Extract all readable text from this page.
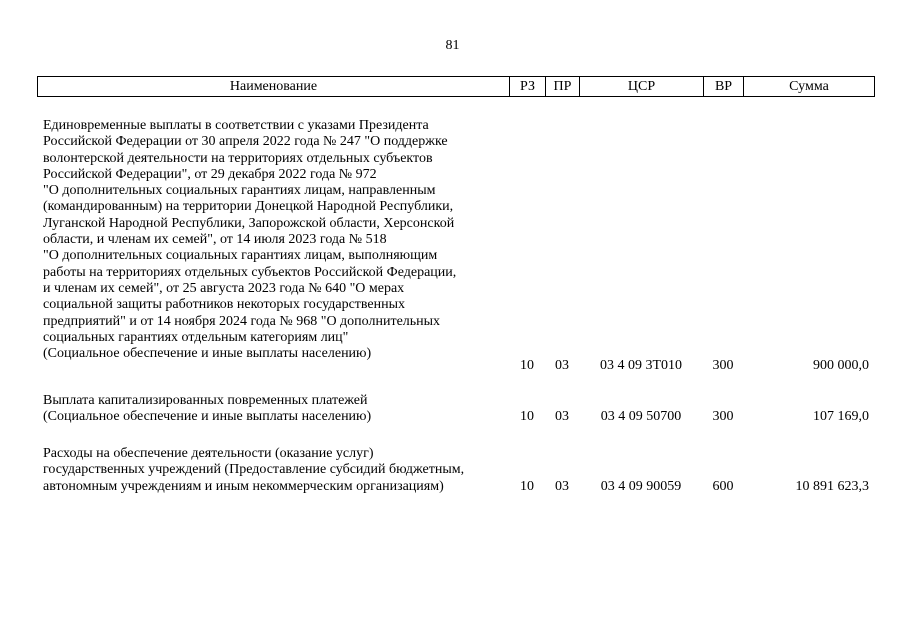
81
Наименование	РЗ	ПР	ЦСР	ВР	Сумма
Единовременные выплаты в соответствии с указами Президента
Российской Федерации от 30 апреля 2022 года № 247 "О поддержке
волонтерской деятельности на территориях отдельных субъектов
Российской Федерации", от 29 декабря 2022 года № 972
"О дополнительных социальных гарантиях лицам, направленным
(командированным) на территории Донецкой Народной Республики,
Луганской Народной Республики, Запорожской области, Херсонской
области, и членам их семей", от 14 июля 2023 года № 518
"О дополнительных социальных гарантиях лицам, выполняющим
работы на территориях отдельных субъектов Российской Федерации,
и членам их семей", от 25 августа 2023 года № 640 "О мерах
социальной защиты работников некоторых государственных
предприятий" и от 14 ноября 2024 года № 968 "О дополнительных
социальных гарантиях отдельным категориям лиц"
(Социальное обеспечение и иные выплаты населению)
10	03	03 4 09 3Т010	300	900 000,0
Выплата капитализированных повременных платежей
(Социальное обеспечение и иные выплаты населению)	10	03	03 4 09 50700	300	107 169,0
Расходы на обеспечение деятельности (оказание услуг)
государственных учреждений (Предоставление субсидий бюджетным,
автономным учреждениям и иным некоммерческим организациям)	10	03	03 4 09 90059	600	10 891 623,3
